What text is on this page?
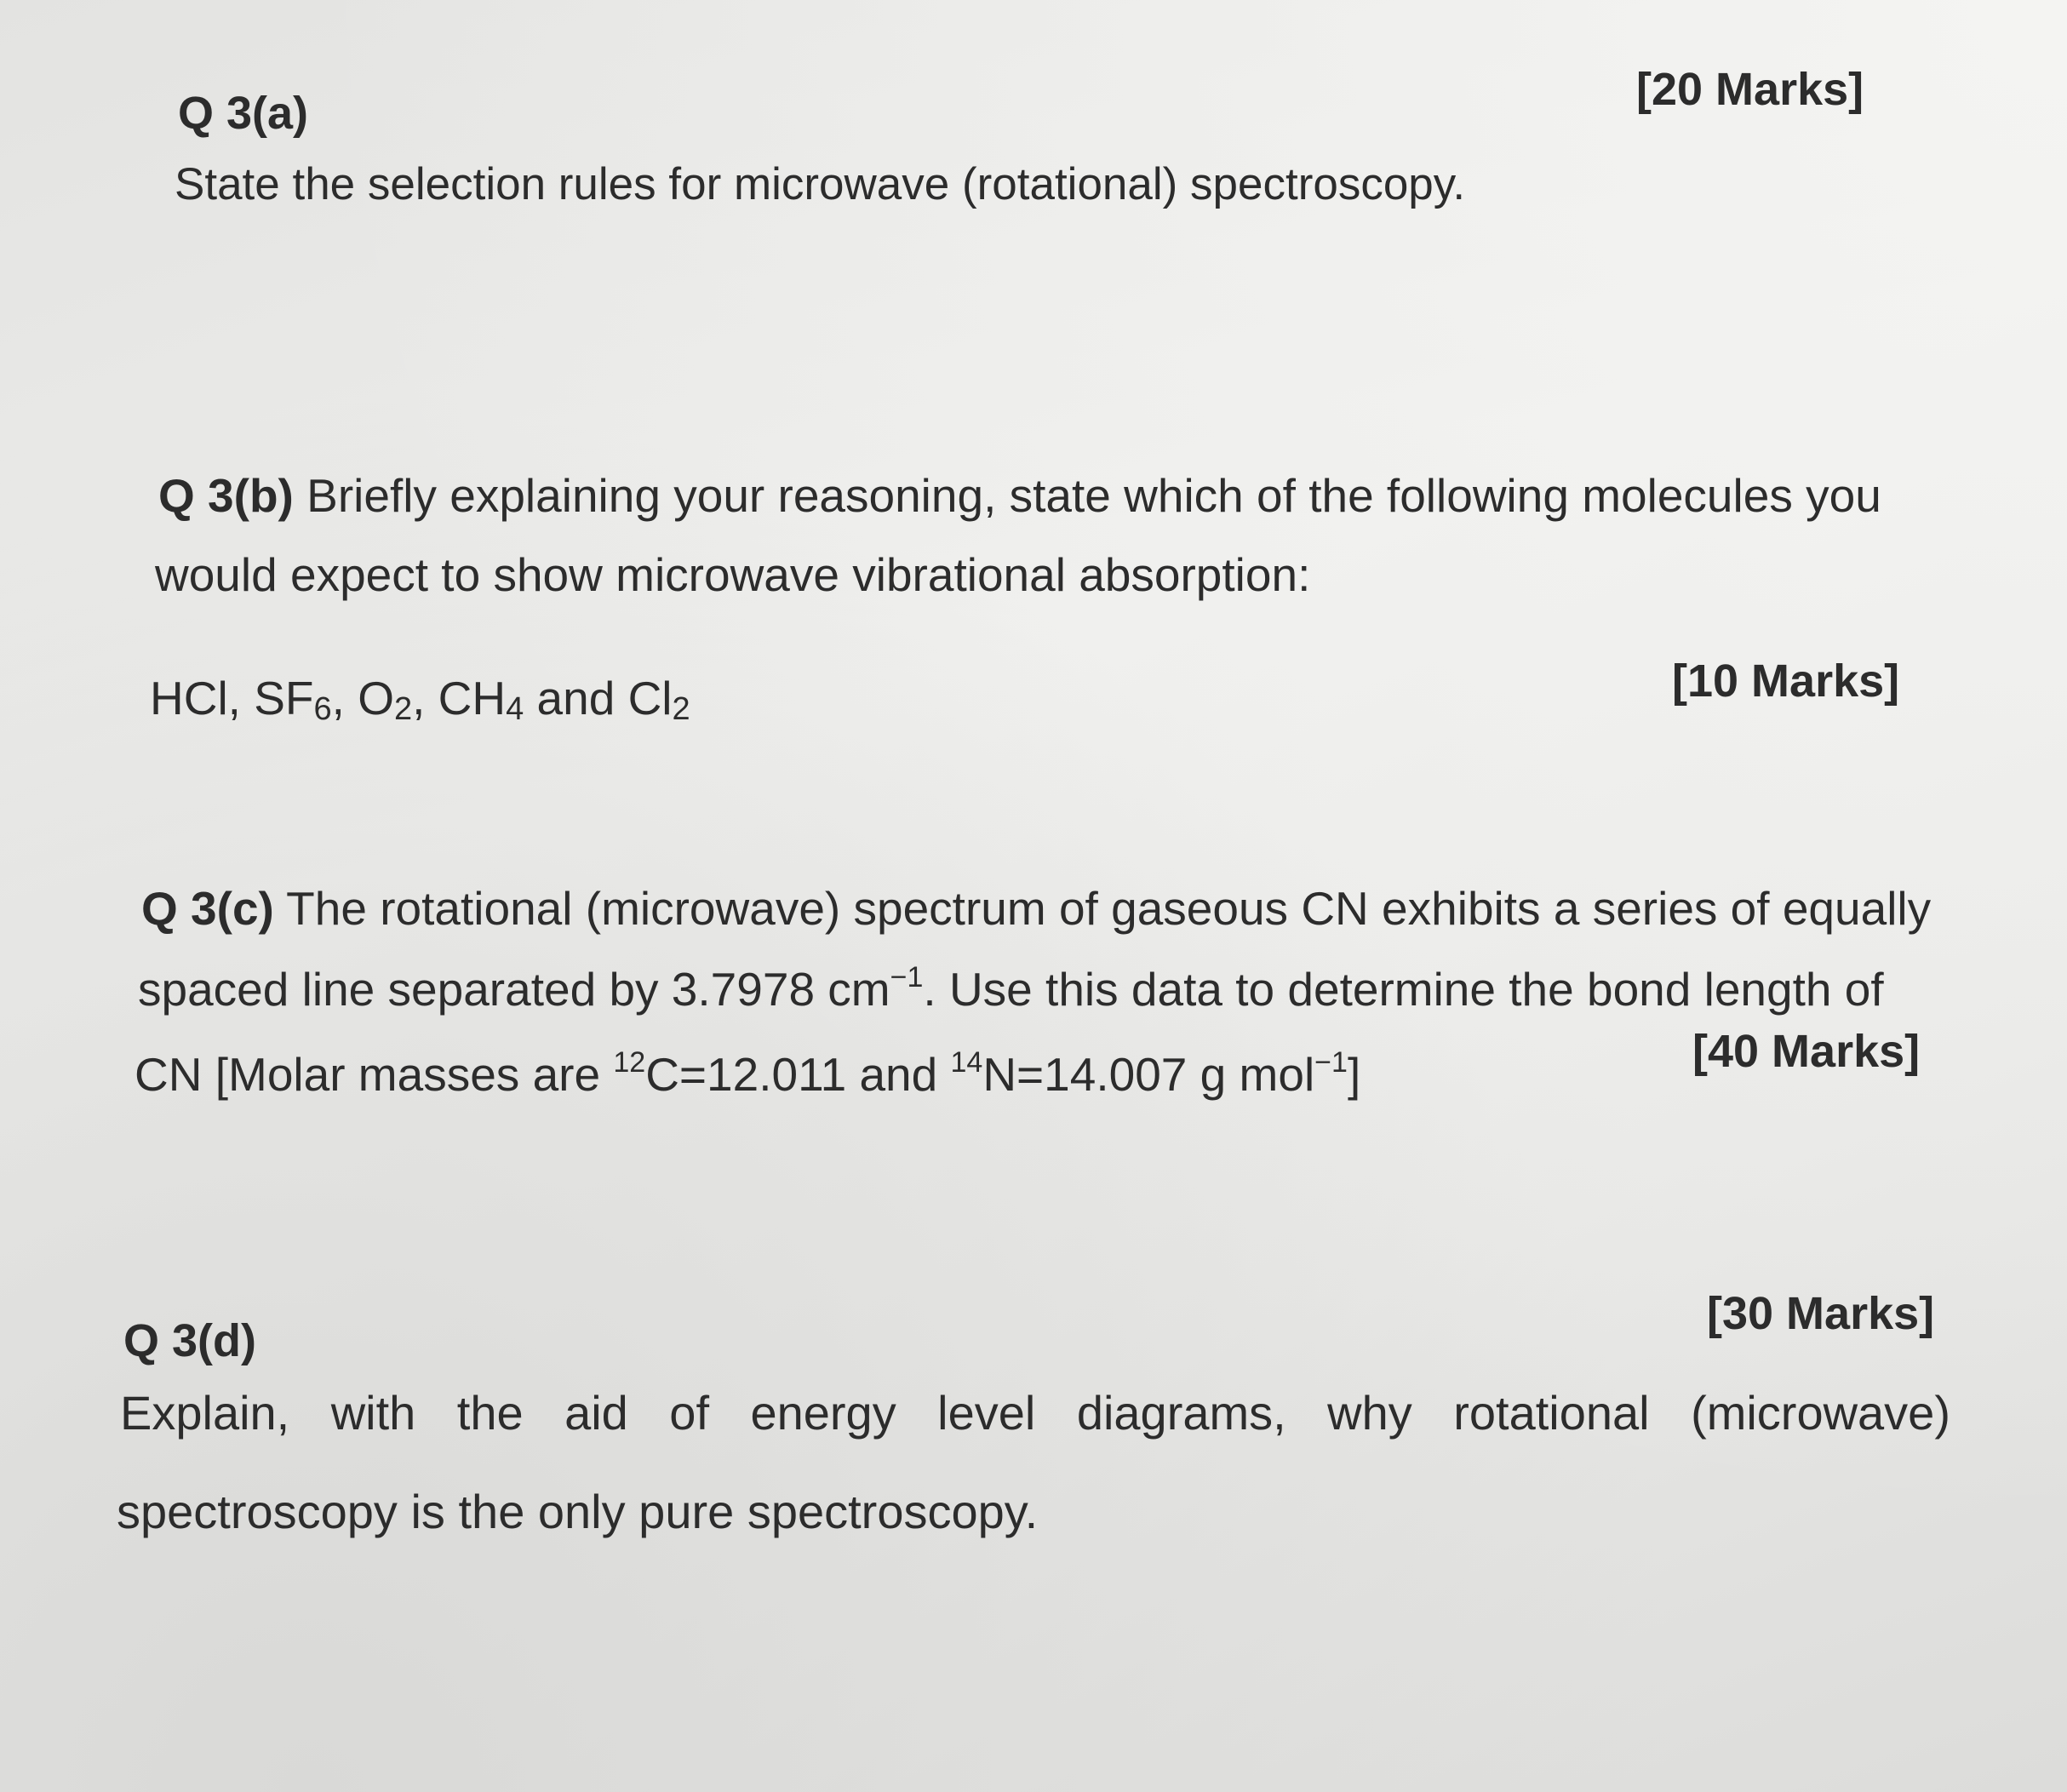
Q 3(a)	[20 Marks]
State the selection rules for microwave (rotational) spectroscopy.
Q 3(b) Briefly explaining your reasoning, state which of the following molecules you
would expect to show microwave vibrational absorption:
HCl, $SF_6$, $O_2$, $CH_4$ and $Cl_2$
[10 Marks]
Q 3(c) The rotational (microwave) spectrum of gaseous CN exhibits a series of equally
spaced line separated by 3.7978 $cm^{-1}$. Use this data to determine the bond length of
CN [Molar masses are $^{12}$C=12.011 and $^{14}$N=14.007 g mol$^{-1}$]	[40 Marks]
Q 3(d)
[30 Marks]
Explain, with the aid of energy level diagrams, why rotational (microwave)
spectroscopy is the only pure spectroscopy.
